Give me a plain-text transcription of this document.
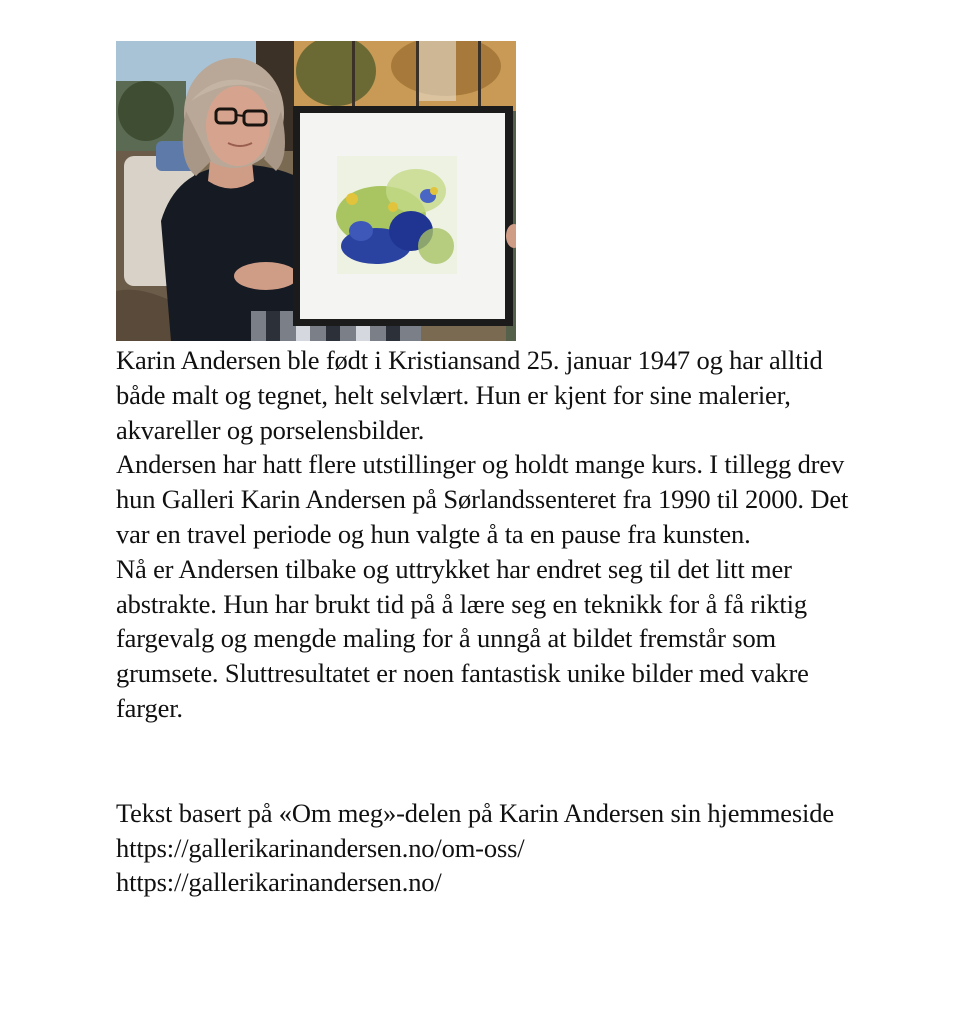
Karin Andersen ble født i Kristiansand 25. januar 1947 og har alltid både malt og tegnet, helt selvlært. Hun er kjent for sine malerier, akvareller og porselensbilder.

Andersen har hatt flere utstillinger og holdt mange kurs. I tillegg drev hun Galleri Karin Andersen på Sørlandssenteret fra 1990 til 2000. Det var en travel periode og hun valgte å ta en pause fra kunsten.

Nå er Andersen tilbake og uttrykket har endret seg til det litt mer abstrakte. Hun har brukt tid på å lære seg en teknikk for å få riktig fargevalg og mengde maling for å unngå at bildet fremstår som grumsete. Sluttresultatet er noen fantastisk unike bilder med vakre farger.

Tekst basert på «Om meg»-delen på Karin Andersen sin hjemmeside

https://gallerikarinandersen.no/om-oss/
https://gallerikarinandersen.no/
